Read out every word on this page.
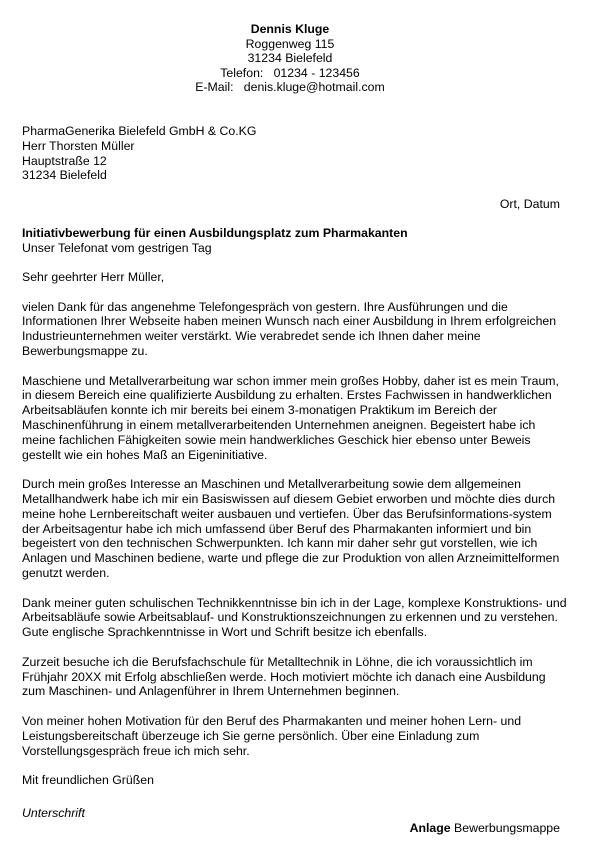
Dennis Kluge
Roggenweg 115
31234 Bielefeld
Telefon: 01234 - 123456
E-Mail: denis.kluge@hotmail.com
PharmaGenerika Bielefeld GmbH & Co.KG
Herr Thorsten Müller
Hauptstraße 12
31234 Bielefeld
Ort, Datum
Initiativbewerbung für einen Ausbildungsplatz zum Pharmakanten
Unser Telefonat vom gestrigen Tag

Sehr geehrter Herr Müller,

vielen Dank für das angenehme Telefongespräch von gestern. Ihre Ausführungen und die Informationen Ihrer Webseite haben meinen Wunsch nach einer Ausbildung in Ihrem erfolgreichen Industrieunternehmen weiter verstärkt. Wie verabredet sende ich Ihnen daher meine Bewerbungsmappe zu.

Maschiene und Metallverarbeitung war schon immer mein großes Hobby, daher ist es mein Traum, in diesem Bereich eine qualifizierte Ausbildung zu erhalten. Erstes Fachwissen in handwerklichen Arbeitsabläufen konnte ich mir bereits bei einem 3-monatigen Praktikum im Bereich der Maschinenführung in einem metallverarbeitenden Unternehmen aneignen. Begeistert habe ich meine fachlichen Fähigkeiten sowie mein handwerkliches Geschick hier ebenso unter Beweis gestellt wie ein hohes Maß an Eigeninitiative.

Durch mein großes Interesse an Maschinen und Metallverarbeitung sowie dem allgemeinen Metallhandwerk habe ich mir ein Basiswissen auf diesem Gebiet erworben und möchte dies durch meine hohe Lernbereitschaft weiter ausbauen und vertiefen. Über das Berufsinformations-system der Arbeitsagentur habe ich mich umfassend über Beruf des Pharmakanten informiert und bin begeistert von den technischen Schwerpunkten. Ich kann mir daher sehr gut vorstellen, wie ich Anlagen und Maschinen bediene, warte und pflege die zur Produktion von allen Arzneimittelformen genutzt werden.

Dank meiner guten schulischen Technikkenntnisse bin ich in der Lage, komplexe Konstruktions- und Arbeitsabläufe sowie Arbeitsablauf- und Konstruktionszeichnungen zu erkennen und zu verstehen. Gute englische Sprachkenntnisse in Wort und Schrift besitze ich ebenfalls.

Zurzeit besuche ich die Berufsfachschule für Metalltechnik in Löhne, die ich voraussichtlich im Frühjahr 20XX mit Erfolg abschließen werde. Hoch motiviert möchte ich danach eine Ausbildung zum Maschinen- und Anlagenführer in Ihrem Unternehmen beginnen.

Von meiner hohen Motivation für den Beruf des Pharmakanten und meiner hohen Lern- und Leistungsbereitschaft überzeuge ich Sie gerne persönlich. Über eine Einladung zum Vorstellungsgespräch freue ich mich sehr.

Mit freundlichen Grüßen

Unterschrift
Anlage Bewerbungsmappe
